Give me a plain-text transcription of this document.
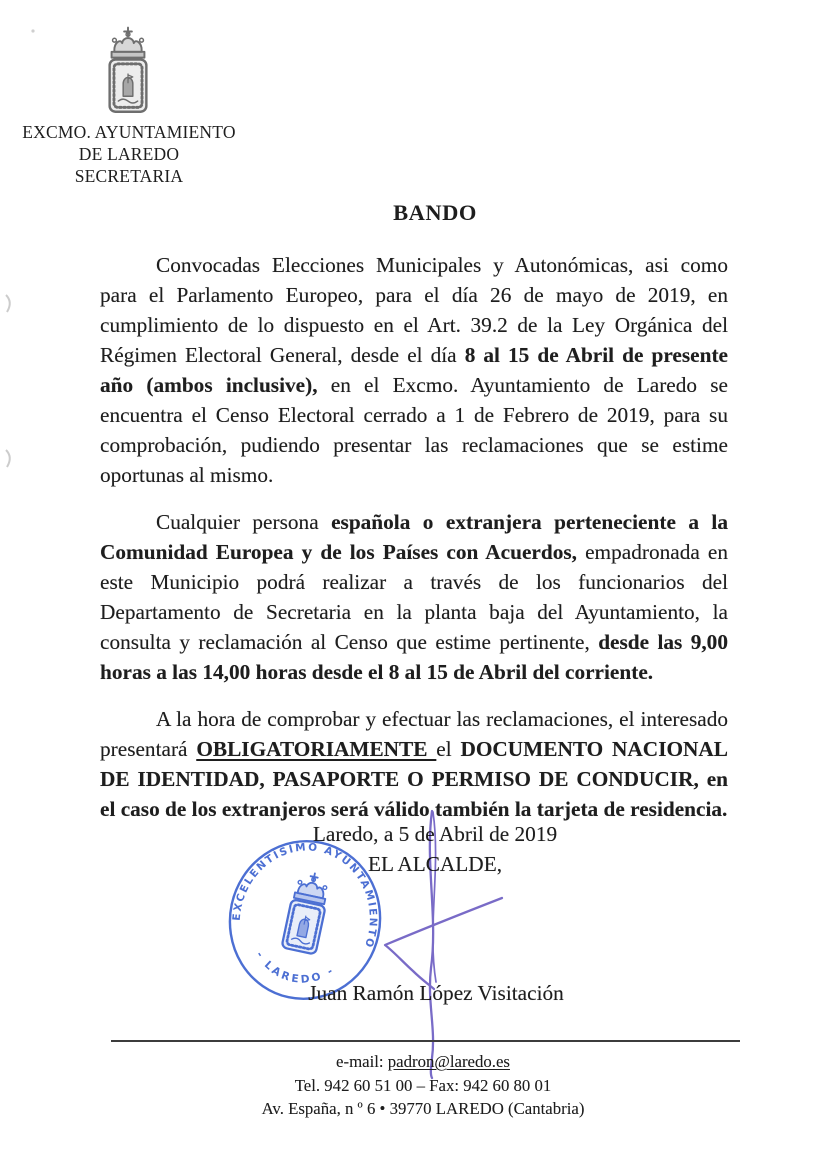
EXCMO. AYUNTAMIENTO
DE LAREDO
SECRETARIA
BANDO

Convocadas Elecciones Municipales y Autonómicas, asi como para el Parlamento Europeo, para el día 26 de mayo de 2019, en cumplimiento de lo dispuesto en el Art. 39.2 de la Ley Orgánica del Régimen Electoral General, desde el día 8 al 15 de Abril de presente año (ambos inclusive), en el Excmo. Ayuntamiento de Laredo se encuentra el Censo Electoral cerrado a 1 de Febrero de 2019, para su comprobación, pudiendo presentar las reclamaciones que se estime oportunas al mismo.

Cualquier persona española o extranjera perteneciente a la Comunidad Europea y de los Países con Acuerdos, empadronada en este Municipio podrá realizar a través de los funcionarios del Departamento de Secretaria en la planta baja del Ayuntamiento, la consulta y reclamación al Censo que estime pertinente, desde las 9,00 horas a las 14,00 horas desde el 8 al 15 de Abril del corriente.

A la hora de comprobar y efectuar las reclamaciones, el interesado presentará OBLIGATORIAMENTE el DOCUMENTO NACIONAL DE IDENTIDAD, PASAPORTE O PERMISO DE CONDUCIR, en el caso de los extranjeros será válido también la tarjeta de residencia.

Laredo, a 5 de Abril de 2019
EL ALCALDE,
EXCELENTÍSIMO AYUNTAMIENTO
- LAREDO -
Juan Ramón López Visitación
e-mail: padron@laredo.es
Tel. 942 60 51 00 – Fax: 942 60 80 01
Av. España, n º 6 • 39770 LAREDO (Cantabria)
